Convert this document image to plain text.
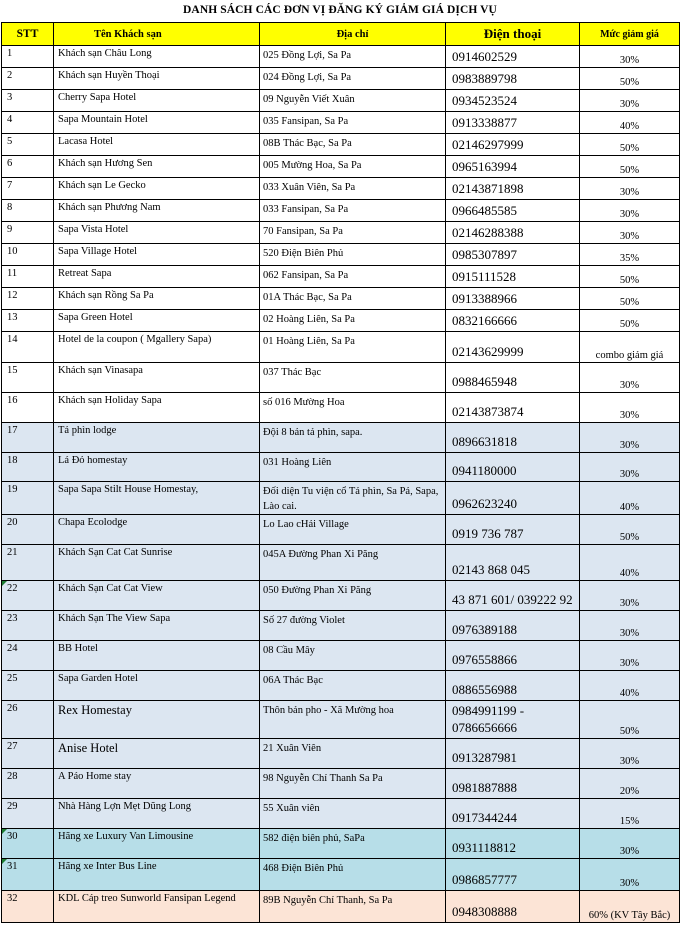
DANH SÁCH CÁC ĐƠN VỊ ĐĂNG KÝ GIẢM GIÁ DỊCH VỤ
STT	Tên Khách sạn	Địa chỉ	Điện thoại	Mức giảm giá
1	Khách sạn Châu Long	025 Đồng Lợi, Sa Pa	0914602529	30%
2	Khách sạn Huyền Thoại	024 Đồng Lợi, Sa Pa	0983889798	50%
3	Cherry Sapa Hotel	09 Nguyễn Viết Xuân	0934523524	30%
4	Sapa Mountain Hotel	035 Fansipan, Sa Pa	0913338877	40%
5	Lacasa Hotel	08B Thác Bạc, Sa Pa	02146297999	50%
6	Khách sạn Hương Sen	005 Mường Hoa, Sa Pa	0965163994	50%
7	Khách sạn Le Gecko	033 Xuân Viên, Sa Pa	02143871898	30%
8	Khách sạn Phương Nam	033 Fansipan, Sa Pa	0966485585	30%
9	Sapa Vista Hotel	70 Fansipan, Sa Pa	02146288388	30%
10	Sapa Village Hotel	520 Điện Biên Phủ	0985307897	35%
11	Retreat Sapa	062 Fansipan, Sa Pa	0915111528	50%
12	Khách sạn Rồng Sa Pa	01A Thác Bạc, Sa Pa	0913388966	50%
13	Sapa Green Hotel	02 Hoàng Liên, Sa Pa	0832166666	50%
14	Hotel de la coupon ( Mgallery Sapa)	01 Hoàng Liên, Sa Pa	02143629999	combo giảm giá
15	Khách sạn Vinasapa	037 Thác Bạc	0988465948	30%
16	Khách sạn Holiday Sapa	số 016 Mường Hoa	02143873874	30%
17	Tả phìn lodge	Đội 8 bản tả phìn, sapa.	0896631818	30%
18	Lá Đỏ homestay	031 Hoàng Liên	0941180000	30%
19	Sapa Sapa Stilt House Homestay,	Đối diện Tu viện cổ Tả phìn, Sa Pả, Sapa, Lào cai.	0962623240	40%
20	Chapa Ecolodge	Lo Lao cHải Village	0919 736 787	50%
21	Khách Sạn Cat Cat Sunrise	045A Đường Phan Xi Păng	02143 868 045	40%
22	Khách Sạn Cat Cat View	050 Đường Phan Xi Păng	43 871 601/ 039222 92	30%
23	Khách Sạn The View Sapa	Số 27 đường Violet	0976389188	30%
24	BB Hotel	08 Cầu Mây	0976558866	30%
25	Sapa Garden Hotel	06A Thác Bạc	0886556988	40%
26	Rex Homestay	Thôn bản pho - Xã Mường hoa	0984991199 - 0786656666	50%
27	Anise Hotel	21 Xuân Viên	0913287981	30%
28	A Páo Home stay	98 Nguyễn Chí Thanh Sa Pa	0981887888	20%
29	Nhà Hàng Lợn Mẹt Dũng Long	55 Xuân viên	0917344244	15%
30	Hãng xe Luxury Van Limousine	582 điện biên phủ, SaPa	0931118812	30%
31	Hãng xe Inter Bus Line	468 Điện Biên Phủ	0986857777	30%
32	KDL Cáp treo Sunworld Fansipan Legend	89B Nguyễn Chí Thanh, Sa Pa	0948308888	60% (KV Tây Bắc)
